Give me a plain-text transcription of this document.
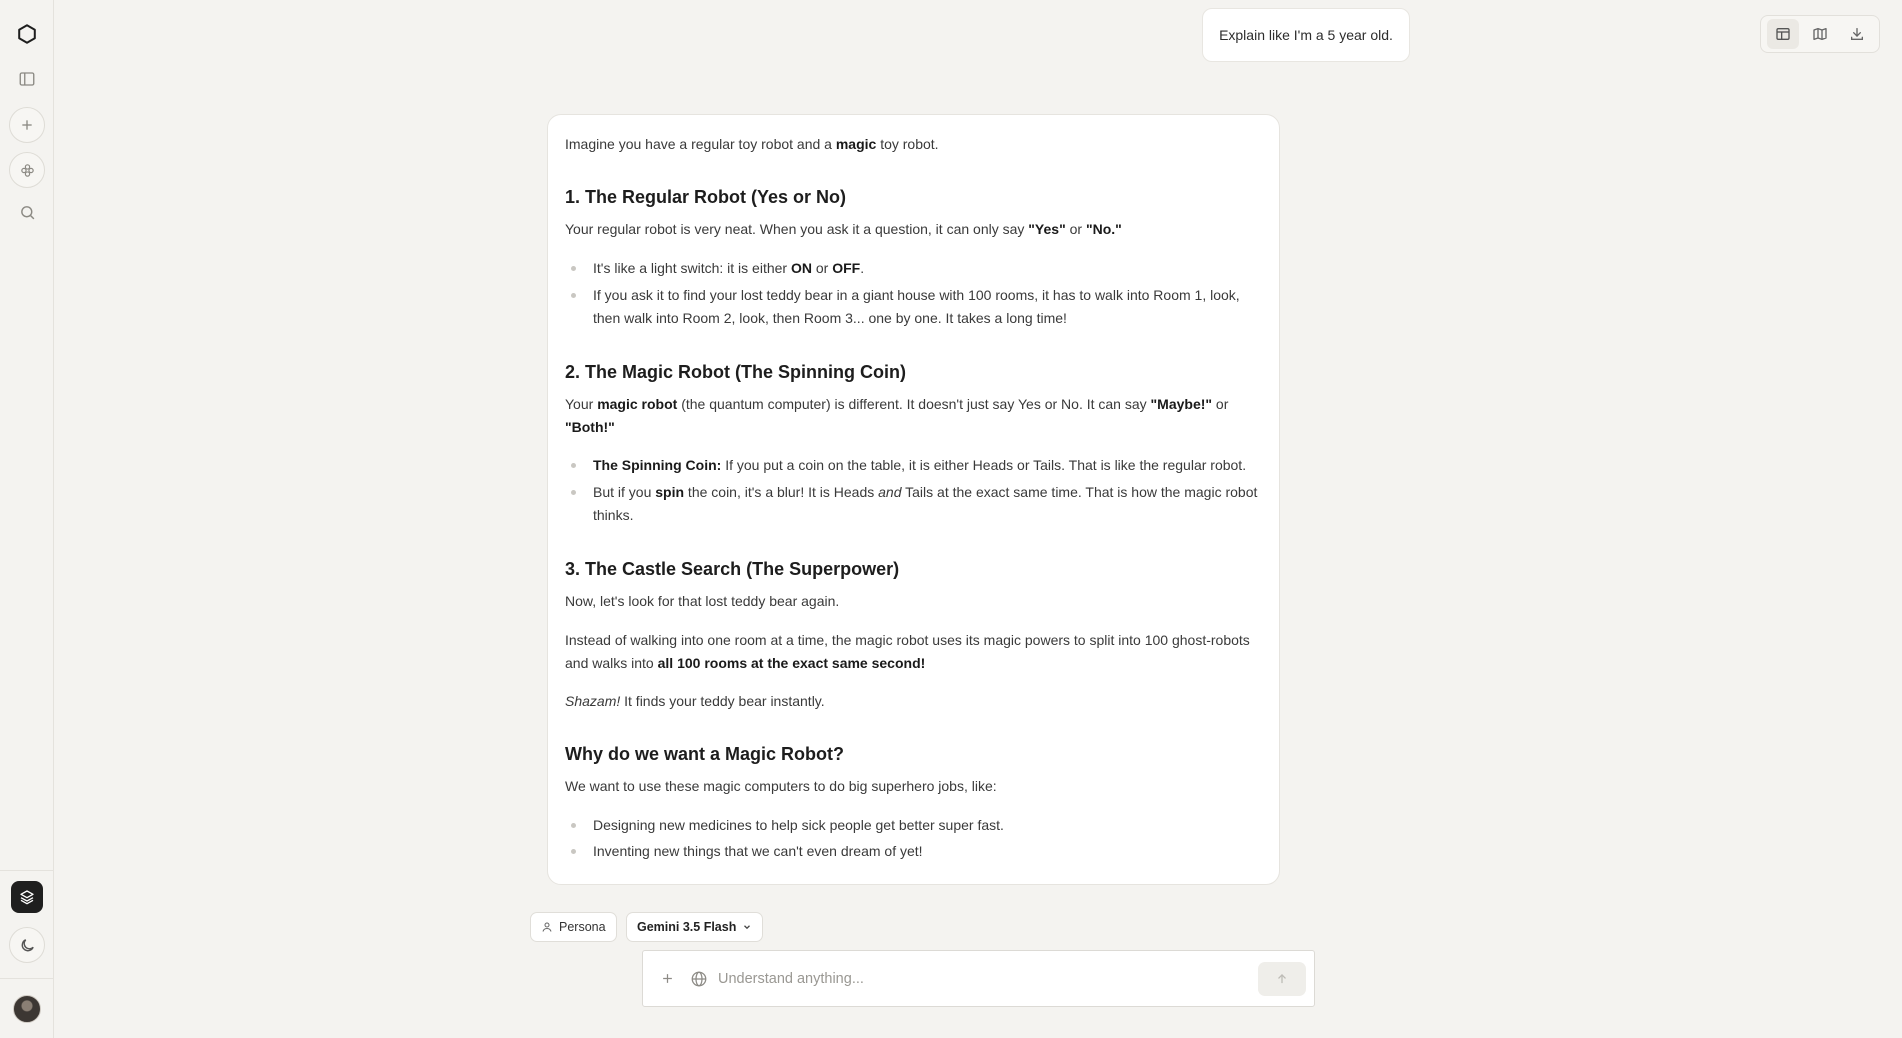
Explain like I'm a 5 year old.

Imagine you have a regular toy robot and a magic toy robot.

1. The Regular Robot (Yes or No)

Your regular robot is very neat. When you ask it a question, it can only say "Yes" or "No."

It's like a light switch: it is either ON or OFF.

If you ask it to find your lost teddy bear in a giant house with 100 rooms, it has to walk into Room 1, look, then walk into Room 2, look, then Room 3... one by one. It takes a long time!

2. The Magic Robot (The Spinning Coin)

Your magic robot (the quantum computer) is different. It doesn't just say Yes or No. It can say "Maybe!" or "Both!"

The Spinning Coin: If you put a coin on the table, it is either Heads or Tails. That is like the regular robot.

But if you spin the coin, it's a blur! It is Heads and Tails at the exact same time. That is how the magic robot thinks.

3. The Castle Search (The Superpower)

Now, let's look for that lost teddy bear again.

Instead of walking into one room at a time, the magic robot uses its magic powers to split into 100 ghost-robots and walks into all 100 rooms at the exact same second!

Shazam! It finds your teddy bear instantly.

Why do we want a Magic Robot?

We want to use these magic computers to do big superhero jobs, like:

Designing new medicines to help sick people get better super fast.

Inventing new things that we can't even dream of yet!

Persona	Gemini 3.5 Flash
Understand anything...
